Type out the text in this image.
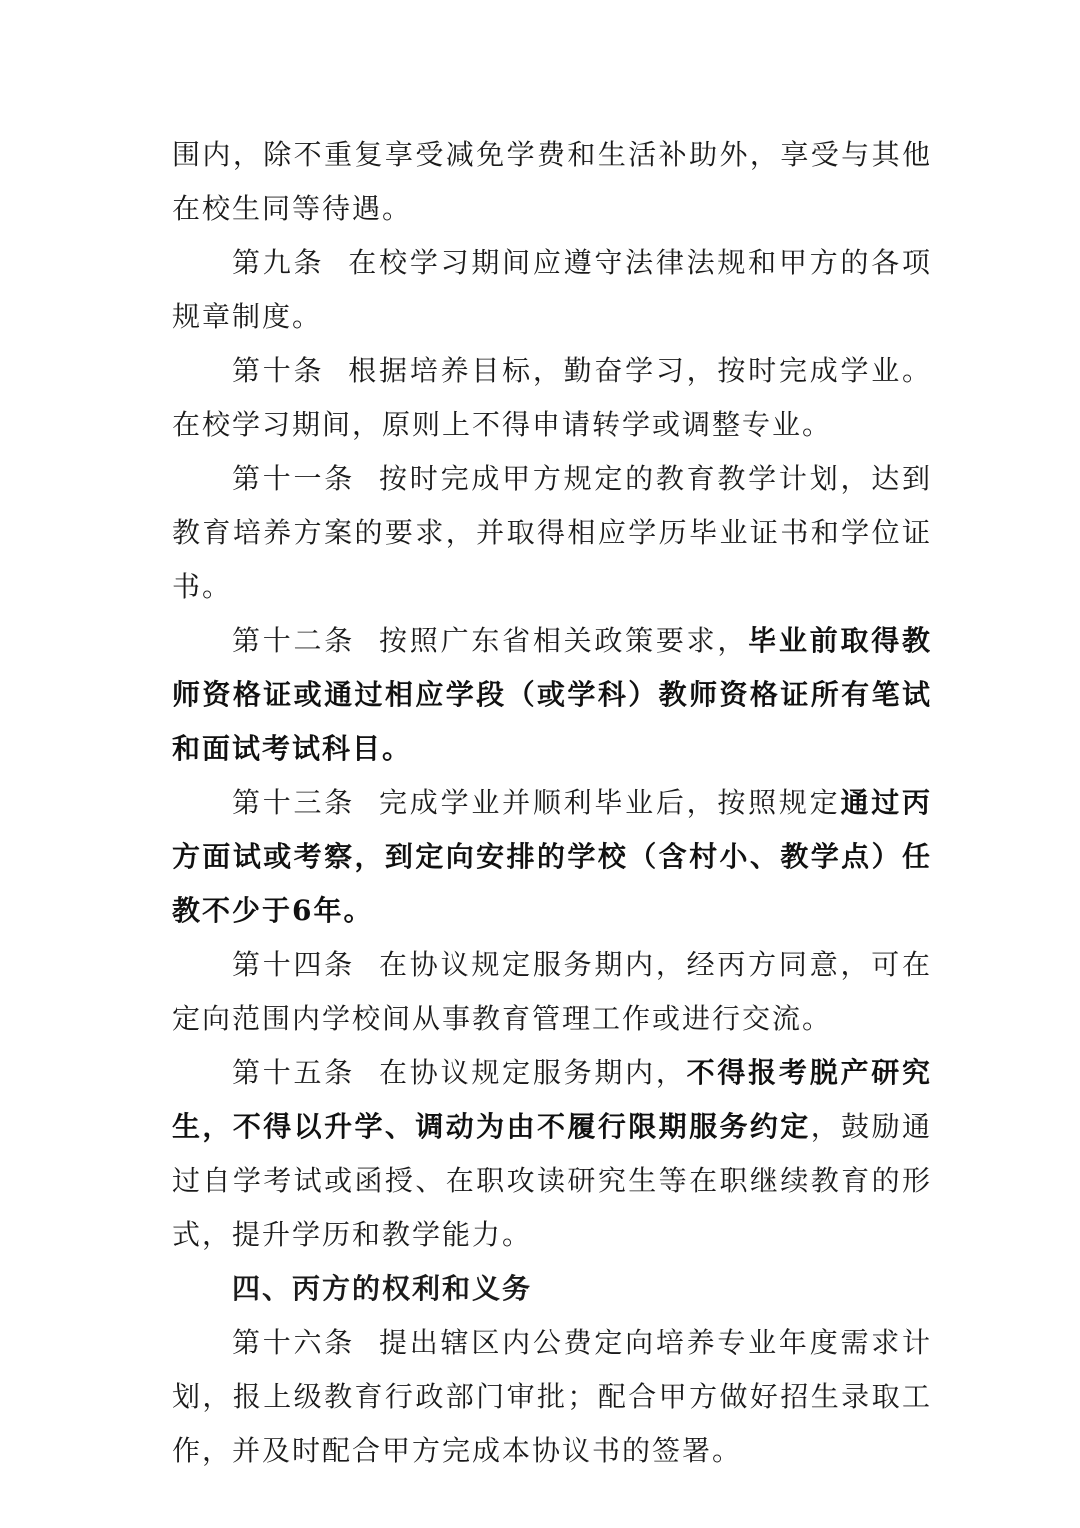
围内，除不重复享受减免学费和生活补助外，享受与其他在校生同等待遇。

第九条 在校学习期间应遵守法律法规和甲方的各项规章制度。

第十条 根据培养目标，勤奋学习，按时完成学业。在校学习期间，原则上不得申请转学或调整专业。

第十一条 按时完成甲方规定的教育教学计划，达到教育培养方案的要求，并取得相应学历毕业证书和学位证书。

第十二条 按照广东省相关政策要求，毕业前取得教师资格证或通过相应学段（或学科）教师资格证所有笔试和面试考试科目。

第十三条 完成学业并顺利毕业后，按照规定通过丙方面试或考察，到定向安排的学校（含村小、教学点）任教不少于6年。

第十四条 在协议规定服务期内，经丙方同意，可在定向范围内学校间从事教育管理工作或进行交流。

第十五条 在协议规定服务期内，不得报考脱产研究生，不得以升学、调动为由不履行限期服务约定，鼓励通过自学考试或函授、在职攻读研究生等在职继续教育的形式，提升学历和教学能力。

四、丙方的权利和义务

第十六条 提出辖区内公费定向培养专业年度需求计划，报上级教育行政部门审批；配合甲方做好招生录取工作，并及时配合甲方完成本协议书的签署。
